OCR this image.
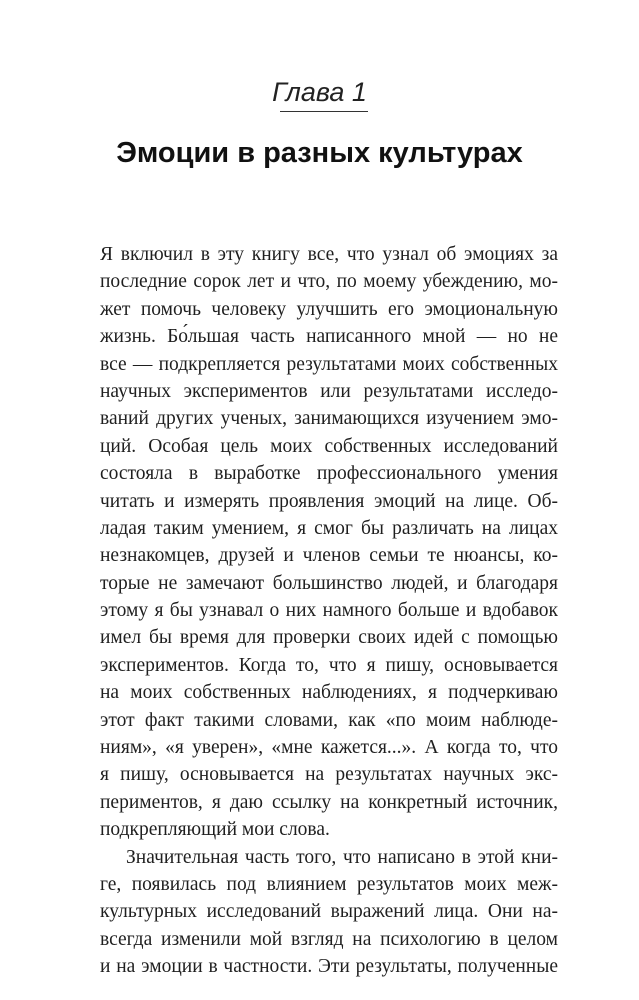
Глава 1
Эмоции в разных культурах
Я включил в эту книгу все, что узнал об эмоциях за
последние сорок лет и что, по моему убеждению, мо-
жет помочь человеку улучшить его эмоциональную
жизнь. Бо́льшая часть написанного мной — но не
все — подкрепляется результатами моих собственных
научных экспериментов или результатами исследо-
ваний других ученых, занимающихся изучением эмо-
ций. Особая цель моих собственных исследований
состояла в выработке профессионального умения
читать и измерять проявления эмоций на лице. Об-
ладая таким умением, я смог бы различать на лицах
незнакомцев, друзей и членов семьи те нюансы, ко-
торые не замечают большинство людей, и благодаря
этому я бы узнавал о них намного больше и вдобавок
имел бы время для проверки своих идей с помощью
экспериментов. Когда то, что я пишу, основывается
на моих собственных наблюдениях, я подчеркиваю
этот факт такими словами, как «по моим наблюде-
ниям», «я уверен», «мне кажется...». А когда то, что
я пишу, основывается на результатах научных экс-
периментов, я даю ссылку на конкретный источник,
подкрепляющий мои слова.
Значительная часть того, что написано в этой кни-
ге, появилась под влиянием результатов моих меж-
культурных исследований выражений лица. Они на-
всегда изменили мой взгляд на психологию в целом
и на эмоции в частности. Эти результаты, полученные
